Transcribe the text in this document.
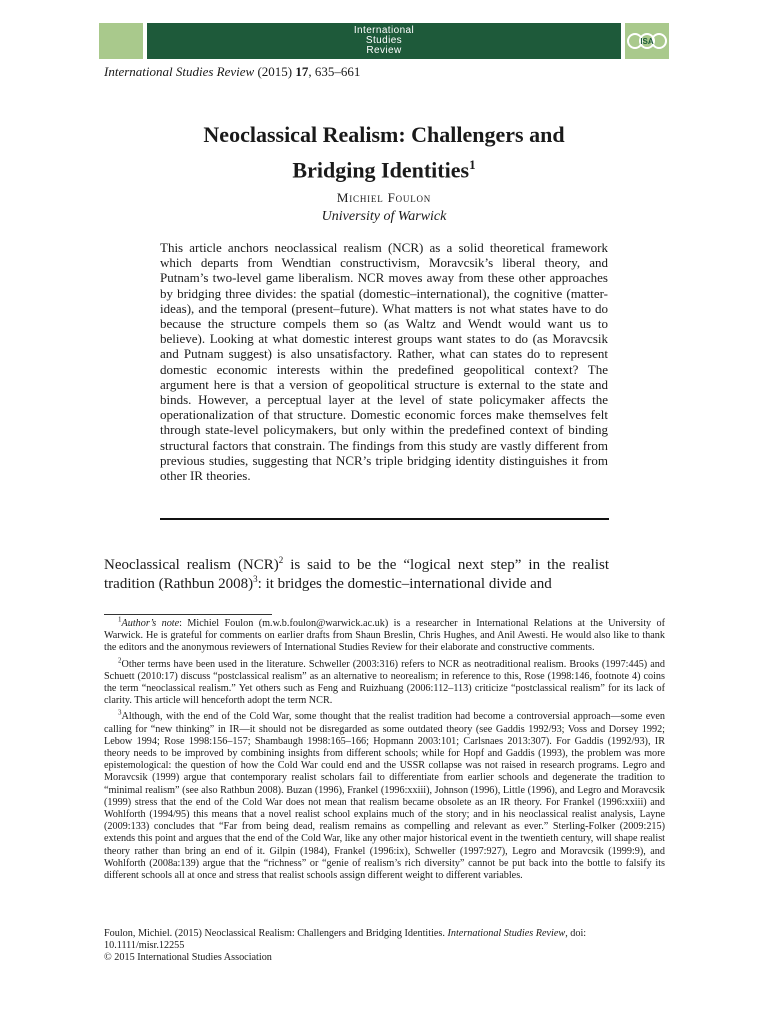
International
Studies
Review
ISA
International Studies Review (2015) 17, 635–661
Neoclassical Realism: Challengers and
Bridging Identities$^1$
Michiel Foulon
University of Warwick

This article anchors neoclassical realism (NCR) as a solid theoretical framework which departs from Wendtian constructivism, Moravcsik’s liberal theory, and Putnam’s two-level game liberalism. NCR moves away from these other approaches by bridging three divides: the spatial (domestic–international), the cognitive (matter-ideas), and the temporal (present–future). What matters is not what states have to do because the structure compels them so (as Waltz and Wendt would want us to believe). Looking at what domestic interest groups want states to do (as Moravcsik and Putnam suggest) is also unsatisfactory. Rather, what can states do to represent domestic economic interests within the predefined geopolitical context? The argument here is that a version of geopolitical structure is external to the state and binds. However, a perceptual layer at the level of state policymaker affects the operationalization of that structure. Domestic economic forces make themselves felt through state-level policymakers, but only within the predefined context of binding structural factors that constrain. The findings from this study are vastly different from previous studies, suggesting that NCR’s triple bridging identity distinguishes it from other IR theories.

Neoclassical realism (NCR)$^2$ is said to be the “logical next step” in the realist tradition (Rathbun 2008)$^3$: it bridges the domestic–international divide and

$^1$Author’s note: Michiel Foulon (m.w.b.foulon@warwick.ac.uk) is a researcher in International Relations at the University of Warwick. He is grateful for comments on earlier drafts from Shaun Breslin, Chris Hughes, and Anil Awesti. He would also like to thank the editors and the anonymous reviewers of International Studies Review for their elaborate and constructive comments.

$^2$Other terms have been used in the literature. Schweller (2003:316) refers to NCR as neotraditional realism. Brooks (1997:445) and Schuett (2010:17) discuss “postclassical realism” as an alternative to neorealism; in reference to this, Rose (1998:146, footnote 4) coins the term “neoclassical realism.” Yet others such as Feng and Ruizhuang (2006:112–113) criticize “postclassical realism” for its lack of clarity. This article will henceforth adopt the term NCR.

$^3$Although, with the end of the Cold War, some thought that the realist tradition had become a controversial approach—some even calling for “new thinking” in IR—it should not be disregarded as some outdated theory (see Gaddis 1992/93; Voss and Dorsey 1992; Lebow 1994; Rose 1998:156–157; Shambaugh 1998:165–166; Hopmann 2003:101; Carlsnaes 2013:307). For Gaddis (1992/93), IR theory needs to be improved by combining insights from different schools; while for Hopf and Gaddis (1993), the problem was more epistemological: the question of how the Cold War could end and the USSR collapse was not raised in research programs. Legro and Moravcsik (1999) argue that contemporary realist scholars fail to differentiate from earlier schools and degenerate the tradition to “minimal realism” (see also Rathbun 2008). Buzan (1996), Frankel (1996:xxiii), Johnson (1996), Little (1996), and Legro and Moravcsik (1999) stress that the end of the Cold War does not mean that realism became obsolete as an IR theory. For Frankel (1996:xxiii) and Wohlforth (1994/95) this means that a novel realist school explains much of the story; and in his neoclassical realist analysis, Layne (2009:133) concludes that “Far from being dead, realism remains as compelling and relevant as ever.” Sterling-Folker (2009:215) extends this point and argues that the end of the Cold War, like any other major historical event in the twentieth century, will shape realist theory rather than bring an end of it. Gilpin (1984), Frankel (1996:ix), Schweller (1997:927), Legro and Moravcsik (1999:9), and Wohlforth (2008a:139) argue that the “richness” or “genie of realism’s rich diversity” cannot be put back into the bottle to falsify its different schools all at once and stress that realist schools assign different weight to different variables.

Foulon, Michiel. (2015) Neoclassical Realism: Challengers and Bridging Identities. International Studies Review, doi: 10.1111/misr.12255

© 2015 International Studies Association
